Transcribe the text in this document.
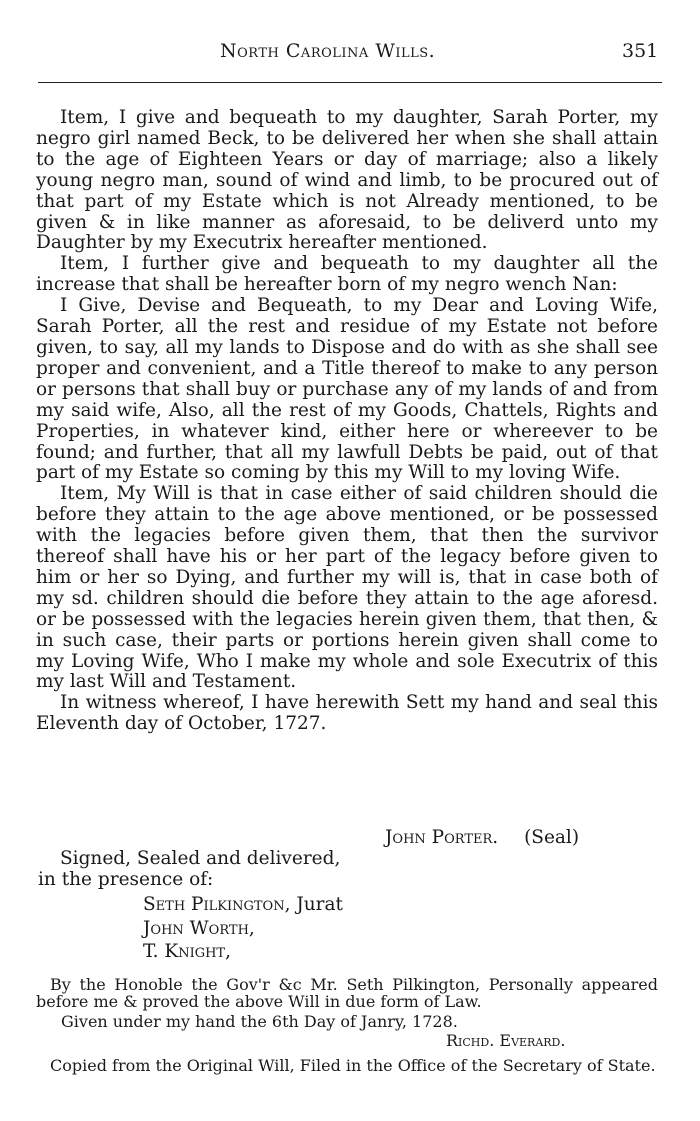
North Carolina Wills.	351

Item, I give and bequeath to my daughter, Sarah Porter, my negro girl named Beck, to be delivered her when she shall attain to the age of Eighteen Years or day of marriage; also a likely young negro man, sound of wind and limb, to be procured out of that part of my Estate which is not Already mentioned, to be given & in like manner as aforesaid, to be deliverd unto my Daughter by my Executrix hereafter mentioned.

Item, I further give and bequeath to my daughter all the increase that shall be hereafter born of my negro wench Nan:

I Give, Devise and Bequeath, to my Dear and Loving Wife, Sarah Porter, all the rest and residue of my Estate not before given, to say, all my lands to Dispose and do with as she shall see proper and convenient, and a Title thereof to make to any person or persons that shall buy or purchase any of my lands of and from my said wife, Also, all the rest of my Goods, Chattels, Rights and Properties, in whatever kind, either here or whereever to be found; and further, that all my lawfull Debts be paid, out of that part of my Estate so coming by this my Will to my loving Wife.

Item, My Will is that in case either of said children should die before they attain to the age above mentioned, or be possessed with the legacies before given them, that then the survivor thereof shall have his or her part of the legacy before given to him or her so Dying, and further my will is, that in case both of my sd. children should die before they attain to the age aforesd. or be possessed with the legacies herein given them, that then, & in such case, their parts or portions herein given shall come to my Loving Wife, Who I make my whole and sole Executrix of this my last Will and Testament.

In witness whereof, I have herewith Sett my hand and seal this Eleventh day of October, 1727.

John Porter. (Seal)
Signed, Sealed and delivered,
in the presence of:
Seth Pilkington, Jurat
John Worth,
T. Knight,
By the Honoble the Gov'r &c Mr. Seth Pilkington, Personally appeared before me & proved the above Will in due form of Law.
Given under my hand the 6th Day of Janry, 1728.
Richd. Everard.
Copied from the Original Will, Filed in the Office of the Secretary of State.
